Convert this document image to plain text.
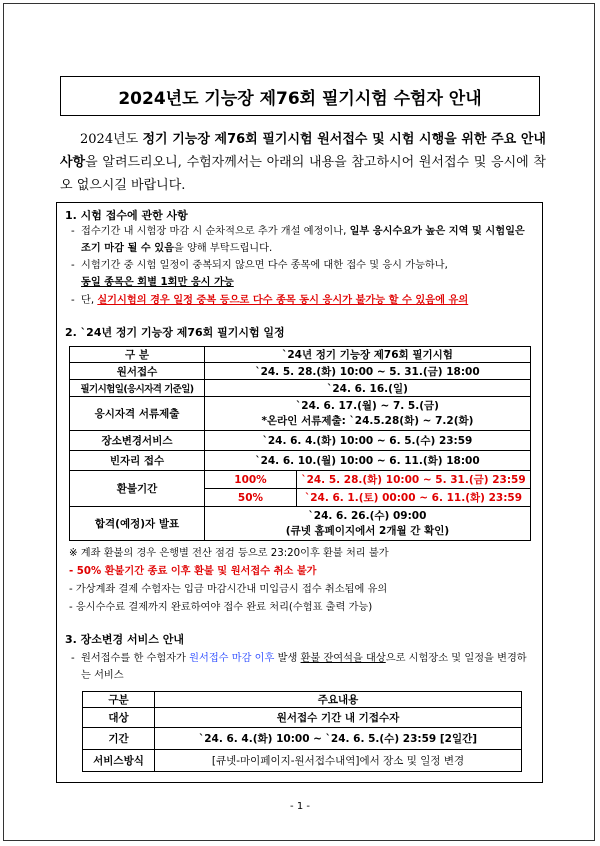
2024년도 기능장 제76회 필기시험 수험자 안내
2024년도 정기 기능장 제76회 필기시험 원서접수 및 시험 시행을 위한 주요 안내사항을 알려드리오니, 수험자께서는 아래의 내용을 참고하시어 원서접수 및 응시에 착오 없으시길 바랍니다.
1. 시험 접수에 관한 사항
- 접수기간 내 시험장 마감 시 순차적으로 추가 개설 예정이나, 일부 응시수요가 높은 지역 및 시험일은 조기 마감 될 수 있음을 양해 부탁드립니다.
- 시험기간 중 시험 일정이 중복되지 않으면 다수 종목에 대한 접수 및 응시 가능하나,
동일 종목은 회별 1회만 응시 가능
- 단, 실기시험의 경우 일정 중복 등으로 다수 종목 동시 응시가 불가능 할 수 있음에 유의
2. `24년 정기 기능장 제76회 필기시험 일정
구 분	`24년 정기 기능장 제76회 필기시험	
원서접수	`24. 5. 28.(화) 10:00 ~ 5. 31.(금) 18:00	
필기시험일(응시자격 기준일)	`24. 6. 16.(일)	
응시자격 서류제출	`24. 6. 17.(월) ~ 7. 5.(금)
*온라인 서류제출: `24.5.28(화) ~ 7.2(화)	
장소변경서비스	`24. 6. 4.(화) 10:00 ~ 6. 5.(수) 23:59	
빈자리 접수	`24. 6. 10.(월) 10:00 ~ 6. 11.(화) 18:00	
환불기간	100%	`24. 5. 28.(화) 10:00 ~ 5. 31.(금) 23:59
	50%	`24. 6. 1.(토) 00:00 ~ 6. 11.(화) 23:59
합격(예정)자 발표	`24. 6. 26.(수) 09:00
(큐넷 홈페이지에서 2개월 간 확인)	
※ 계좌 환불의 경우 은행별 전산 점검 등으로 23:20이후 환불 처리 불가
- 50% 환불기간 종료 이후 환불 및 원서접수 취소 불가
- 가상계좌 결제 수험자는 입금 마감시간내 미입금시 접수 취소됨에 유의
- 응시수수료 결제까지 완료하여야 접수 완료 처리(수험표 출력 가능)
3. 장소변경 서비스 안내
- 원서접수를 한 수험자가 원서접수 마감 이후 발생 환불 잔여석을 대상으로 시험장소 및 일정을 변경하는 서비스
구분	주요내용
대상	원서접수 기간 내 기접수자
기간	`24. 6. 4.(화) 10:00 ~ `24. 6. 5.(수) 23:59 [2일간]
서비스방식	[큐넷-마이페이지-원서접수내역]에서 장소 및 일정 변경
- 1 -
